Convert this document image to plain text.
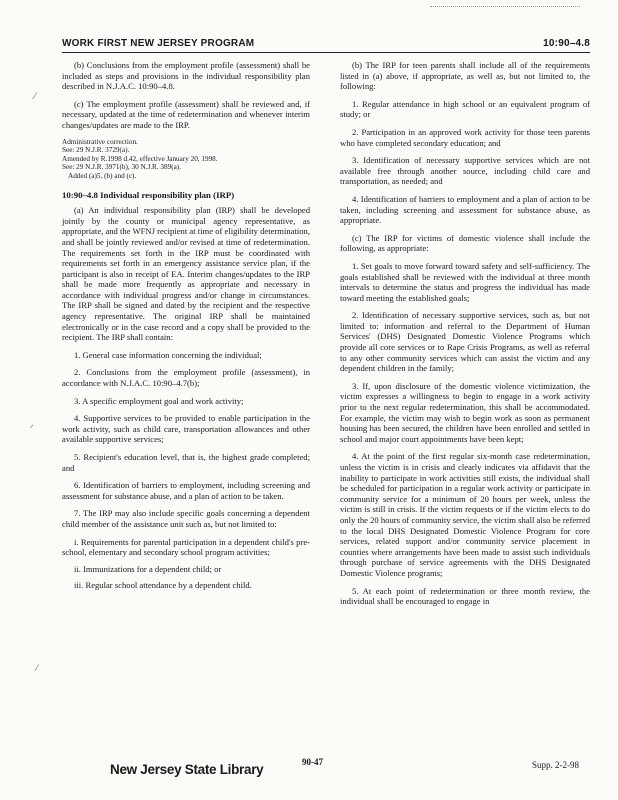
WORK FIRST NEW JERSEY PROGRAM	10:90–4.8

(b) Conclusions from the employment profile (assessment) shall be included as steps and provisions in the individual responsibility plan described in N.J.A.C. 10:90–4.8.

(c) The employment profile (assessment) shall be reviewed and, if necessary, updated at the time of redetermination and whenever interim changes/updates are made to the IRP.

Administrative correction.
See: 29 N.J.R. 3729(a).
Amended by R.1998 d.42, effective January 20, 1998.
See: 29 N.J.R. 3971(b), 30 N.J.R. 389(a).
Added (a)5, (b) and (c).
10:90–4.8 Individual responsibility plan (IRP)

(a) An individual responsibility plan (IRP) shall be developed jointly by the county or municipal agency representative, as appropriate, and the WFNJ recipient at time of eligibility determination, and shall be jointly reviewed and/or revised at time of redetermination. The requirements set forth in the IRP must be coordinated with requirements set forth in an emergency assistance service plan, if the participant is also in receipt of EA. Interim changes/updates to the IRP shall be made more frequently as appropriate and necessary in accordance with individual progress and/or change in circumstances. The IRP shall be signed and dated by the recipient and the respective agency representative. The original IRP shall be maintained electronically or in the case record and a copy shall be provided to the recipient. The IRP shall contain:

1. General case information concerning the individual;
2. Conclusions from the employment profile (assessment), in accordance with N.J.A.C. 10:90–4.7(b);
3. A specific employment goal and work activity;
4. Supportive services to be provided to enable participation in the work activity, such as child care, transportation allowances and other available supportive services;
5. Recipient's education level, that is, the highest grade completed; and
6. Identification of barriers to employment, including screening and assessment for substance abuse, and a plan of action to be taken.
7. The IRP may also include specific goals concerning a dependent child member of the assistance unit such as, but not limited to:
i. Requirements for parental participation in a dependent child's pre-school, elementary and secondary school program activities;
ii. Immunizations for a dependent child; or
iii. Regular school attendance by a dependent child.

(b) The IRP for teen parents shall include all of the requirements listed in (a) above, if appropriate, as well as, but not limited to, the following:

1. Regular attendance in high school or an equivalent program of study; or
2. Participation in an approved work activity for those teen parents who have completed secondary education; and
3. Identification of necessary supportive services which are not available free through another source, including child care and transportation, as needed; and
4. Identification of barriers to employment and a plan of action to be taken, including screening and assessment for substance abuse, as appropriate.

(c) The IRP for victims of domestic violence shall include the following, as appropriate:

1. Set goals to move forward toward safety and self-sufficiency. The goals established shall be reviewed with the individual at three month intervals to determine the status and progress the individual has made toward meeting the established goals;
2. Identification of necessary supportive services, such as, but not limited to: information and referral to the Department of Human Services' (DHS) Designated Domestic Violence Programs which provide all core services or to Rape Crisis Programs, as well as referral to any other community services which can assist the victim and any dependent children in the family;
3. If, upon disclosure of the domestic violence victimization, the victim expresses a willingness to begin to engage in a work activity prior to the next regular redetermination, this shall be accommodated. For example, the victim may wish to begin work as soon as permanent housing has been secured, the children have been enrolled and settled in school and major court appointments have been kept;
4. At the point of the first regular six-month case redetermination, unless the victim is in crisis and clearly indicates via affidavit that the inability to participate in work activities still exists, the individual shall be scheduled for participation in a regular work activity or participate in community service for a minimum of 20 hours per week, unless the victim is still in crisis. If the victim requests or if the victim elects to do only the 20 hours of community service, the victim shall also be referred to the local DHS Designated Domestic Violence Program for core services, related support and/or community service placement in counties where arrangements have been made to assist such individuals through purchase of service agreements with the DHS Designated Domestic Violence programs;
5. At each point of redetermination or three month review, the individual shall be encouraged to engage in
⁄
ᐟ
⁄
New Jersey State Library	90-47	Supp. 2-2-98
